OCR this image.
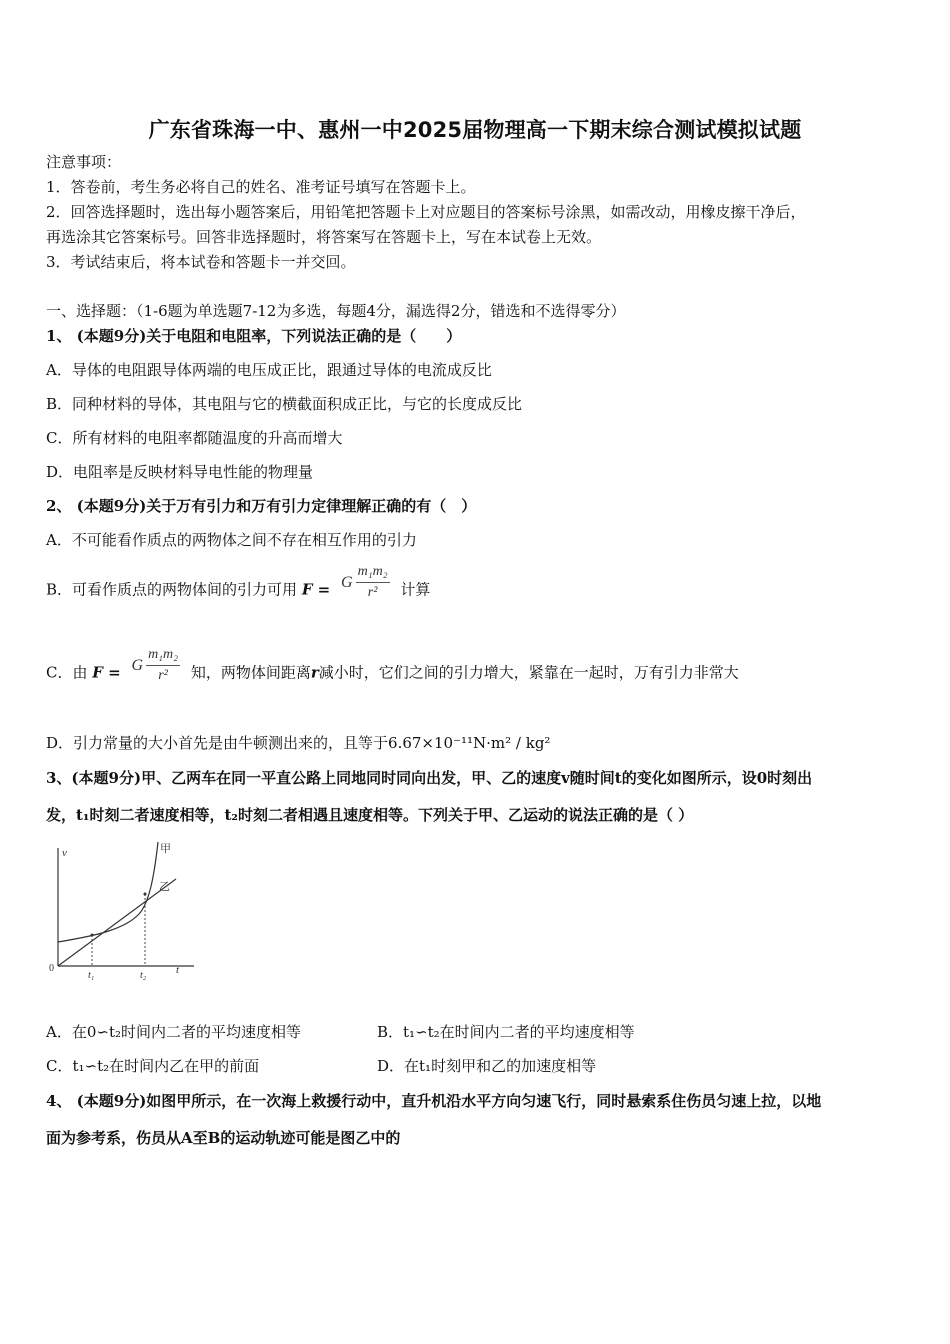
广东省珠海一中、惠州一中2025届物理高一下期末综合测试模拟试题
注意事项：
1．答卷前，考生务必将自己的姓名、准考证号填写在答题卡上。
2．回答选择题时，选出每小题答案后，用铅笔把答题卡上对应题目的答案标号涂黑，如需改动，用橡皮擦干净后，
再选涂其它答案标号。回答非选择题时，将答案写在答题卡上，写在本试卷上无效。
3．考试结束后，将本试卷和答题卡一并交回。
一、选择题：（1-6题为单选题7-12为多选，每题4分，漏选得2分，错选和不选得零分）
1、 (本题9分)关于电阻和电阻率，下列说法正确的是（　　）
A．导体的电阻跟导体两端的电压成正比，跟通过导体的电流成反比
B．同种材料的导体，其电阻与它的横截面积成正比，与它的长度成反比
C．所有材料的电阻率都随温度的升高而增大
D．电阻率是反映材料导电性能的物理量
2、 (本题9分)关于万有引力和万有引力定律理解正确的有（　）
A．不可能看作质点的两物体之间不存在相互作用的引力
B．可看作质点的两物体间的引力可用 F = G $\frac{\text{m₁m₂}}{\text{r²}}$ 计算
C．由 F = G $\frac{\text{m₁m₂}}{\text{r²}}$ 知，两物体间距离r减小时，它们之间的引力增大，紧靠在一起时，万有引力非常大
D．引力常量的大小首先是由牛顿测出来的，且等于6.67×10⁻¹¹N·m² / kg²
3、(本题9分)甲、乙两车在同一平直公路上同地同时同向出发，甲、乙的速度v随时间t的变化如图所示，设0时刻出
发，t₁时刻二者速度相等，t₂时刻二者相遇且速度相等。下列关于甲、乙运动的说法正确的是（ ）
v
t
0
t₁	t₂
甲
乙
A．在0∽t₂时间内二者的平均速度相等	B．t₁∽t₂在时间内二者的平均速度相等
C．t₁∽t₂在时间内乙在甲的前面	D．在t₁时刻甲和乙的加速度相等
4、 (本题9分)如图甲所示，在一次海上救援行动中，直升机沿水平方向匀速飞行，同时悬索系住伤员匀速上拉，以地
面为参考系，伤员从A至B的运动轨迹可能是图乙中的
